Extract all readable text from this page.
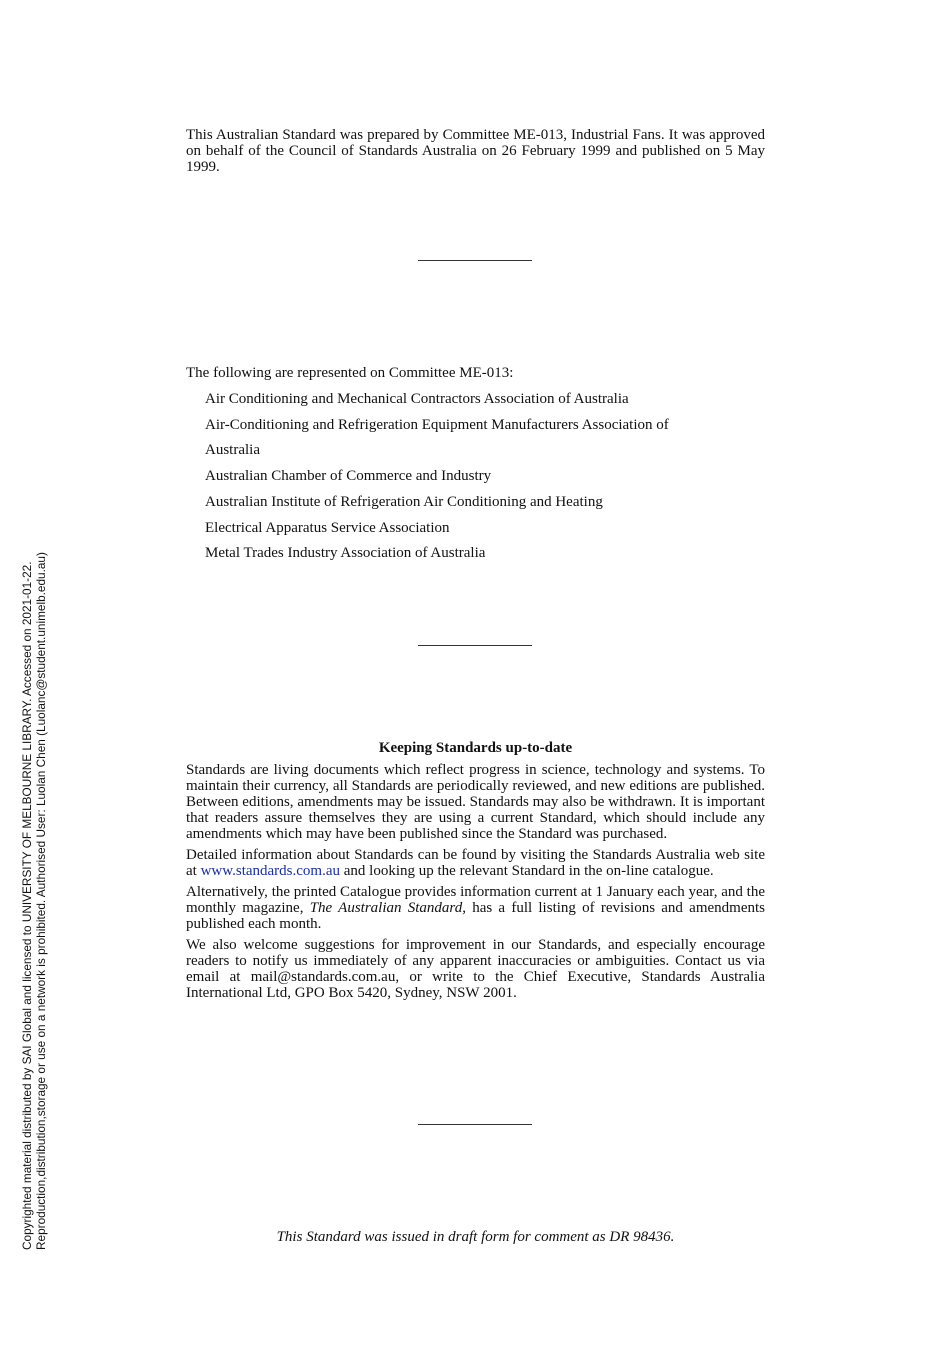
This Australian Standard was prepared by Committee ME-013, Industrial Fans. It was approved on behalf of the Council of Standards Australia on 26 February 1999 and published on 5 May 1999.
The following are represented on Committee ME-013:
Air Conditioning and Mechanical Contractors Association of Australia
Air-Conditioning and Refrigeration Equipment Manufacturers Association of
Australia
Australian Chamber of Commerce and Industry
Australian Institute of Refrigeration Air Conditioning and Heating
Electrical Apparatus Service Association
Metal Trades Industry Association of Australia
Keeping Standards up-to-date

Standards are living documents which reflect progress in science, technology and systems. To maintain their currency, all Standards are periodically reviewed, and new editions are published. Between editions, amendments may be issued. Standards may also be withdrawn. It is important that readers assure themselves they are using a current Standard, which should include any amendments which may have been published since the Standard was purchased.

Detailed information about Standards can be found by visiting the Standards Australia web site at www.standards.com.au and looking up the relevant Standard in the on-line catalogue.

Alternatively, the printed Catalogue provides information current at 1 January each year, and the monthly magazine, The Australian Standard, has a full listing of revisions and amendments published each month.

We also welcome suggestions for improvement in our Standards, and especially encourage readers to notify us immediately of any apparent inaccuracies or ambiguities. Contact us via email at mail@standards.com.au, or write to the Chief Executive, Standards Australia International Ltd, GPO Box 5420, Sydney, NSW 2001.

This Standard was issued in draft form for comment as DR 98436.
Copyrighted material distributed by SAI Global and licensed to UNIVERSITY OF MELBOURNE LIBRARY. Accessed on 2021-01-22. Reproduction,distribution,storage or use on a network is prohibited. Authorised User: Luolan Chen (Luolanc@student.unimelb.edu.au)
